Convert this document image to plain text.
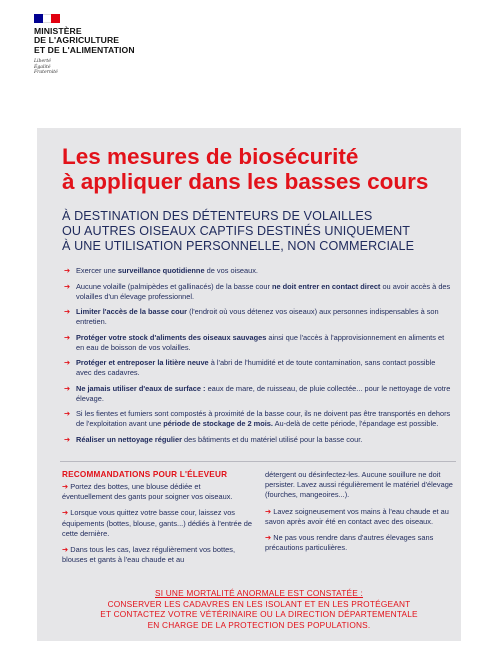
MINISTÈRE
DE L'AGRICULTURE
ET DE L'ALIMENTATION
Liberté
Égalité
Fraternité
Les mesures de biosécurité
à appliquer dans les basses cours
À DESTINATION DES DÉTENTEURS DE VOLAILLES
OU AUTRES OISEAUX CAPTIFS DESTINÉS UNIQUEMENT
À UNE UTILISATION PERSONNELLE, NON COMMERCIALE
➔ Exercer une surveillance quotidienne de vos oiseaux.
➔ Aucune volaille (palmipèdes et gallinacés) de la basse cour ne doit entrer en contact direct ou avoir accès à des volailles d'un élevage professionnel.
➔ Limiter l'accès de la basse cour (l'endroit où vous détenez vos oiseaux) aux personnes indispensables à son entretien.
➔ Protéger votre stock d'aliments des oiseaux sauvages ainsi que l'accès à l'approvisionnement en aliments et en eau de boisson de vos volailles.
➔ Protéger et entreposer la litière neuve à l'abri de l'humidité et de toute contamination, sans contact possible avec des cadavres.
➔ Ne jamais utiliser d'eaux de surface : eaux de mare, de ruisseau, de pluie collectée... pour le nettoyage de votre élevage.
➔ Si les fientes et fumiers sont compostés à proximité de la basse cour, ils ne doivent pas être transportés en dehors de l'exploitation avant une période de stockage de 2 mois. Au-delà de cette période, l'épandage est possible.
➔ Réaliser un nettoyage régulier des bâtiments et du matériel utilisé pour la basse cour.
RECOMMANDATIONS POUR L'ÉLEVEUR

➔ Portez des bottes, une blouse dédiée et éventuellement des gants pour soigner vos oiseaux.

➔ Lorsque vous quittez votre basse cour, laissez vos équipements (bottes, blouse, gants...) dédiés à l'entrée de cette dernière.

➔ Dans tous les cas, lavez régulièrement vos bottes, blouses et gants à l'eau chaude et au

détergent ou désinfectez-les. Aucune souillure ne doit persister. Lavez aussi régulièrement le matériel d'élevage (fourches, mangeoires...).

➔ Lavez soigneusement vos mains à l'eau chaude et au savon après avoir été en contact avec des oiseaux.

➔ Ne pas vous rendre dans d'autres élevages sans précautions particulières.

SI UNE MORTALITÉ ANORMALE EST CONSTATÉE :
CONSERVER LES CADAVRES EN LES ISOLANT ET EN LES PROTÉGEANT
ET CONTACTEZ VOTRE VÉTÉRINAIRE OU LA DIRECTION DÉPARTEMENTALE
EN CHARGE DE LA PROTECTION DES POPULATIONS.
